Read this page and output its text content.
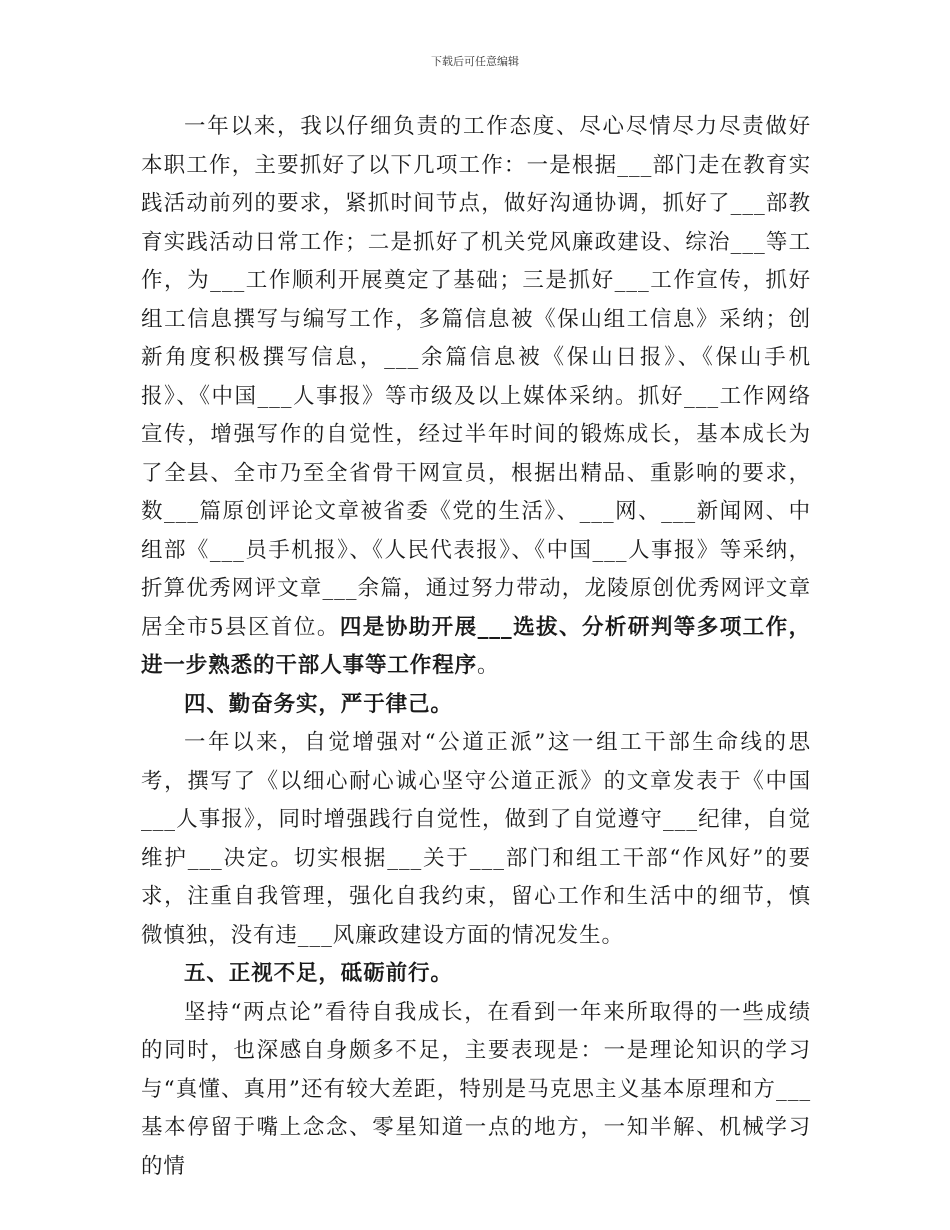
下载后可任意编辑

一年以来，我以仔细负责的工作态度、尽心尽情尽力尽责做好本职工作，主要抓好了以下几项工作：一是根据___部门走在教育实践活动前列的要求，紧抓时间节点，做好沟通协调，抓好了___部教育实践活动日常工作；二是抓好了机关党风廉政建设、综治___等工作，为___工作顺利开展奠定了基础；三是抓好___工作宣传，抓好组工信息撰写与编写工作，多篇信息被《保山组工信息》采纳；创新角度积极撰写信息，___余篇信息被《保山日报》、《保山手机报》、《中国___人事报》等市级及以上媒体采纳。抓好___工作网络宣传，增强写作的自觉性，经过半年时间的锻炼成长，基本成长为了全县、全市乃至全省骨干网宣员，根据出精品、重影响的要求，数___篇原创评论文章被省委《党的生活》、___网、___新闻网、中组部《___员手机报》、《人民代表报》、《中国___人事报》等采纳，折算优秀网评文章___余篇，通过努力带动，龙陵原创优秀网评文章居全市5县区首位。四是协助开展___选拔、分析研判等多项工作，进一步熟悉的干部人事等工作程序。

四、勤奋务实，严于律己。

一年以来，自觉增强对“公道正派”这一组工干部生命线的思考，撰写了《以细心耐心诚心坚守公道正派》的文章发表于《中国___人事报》，同时增强践行自觉性，做到了自觉遵守___纪律，自觉维护___决定。切实根据___关于___部门和组工干部“作风好”的要求，注重自我管理，强化自我约束，留心工作和生活中的细节，慎微慎独，没有违___风廉政建设方面的情况发生。

五、正视不足，砥砺前行。

坚持“两点论”看待自我成长，在看到一年来所取得的一些成绩的同时，也深感自身颇多不足，主要表现是：一是理论知识的学习与“真懂、真用”还有较大差距，特别是马克思主义基本原理和方___基本停留于嘴上念念、零星知道一点的地方，一知半解、机械学习的情
